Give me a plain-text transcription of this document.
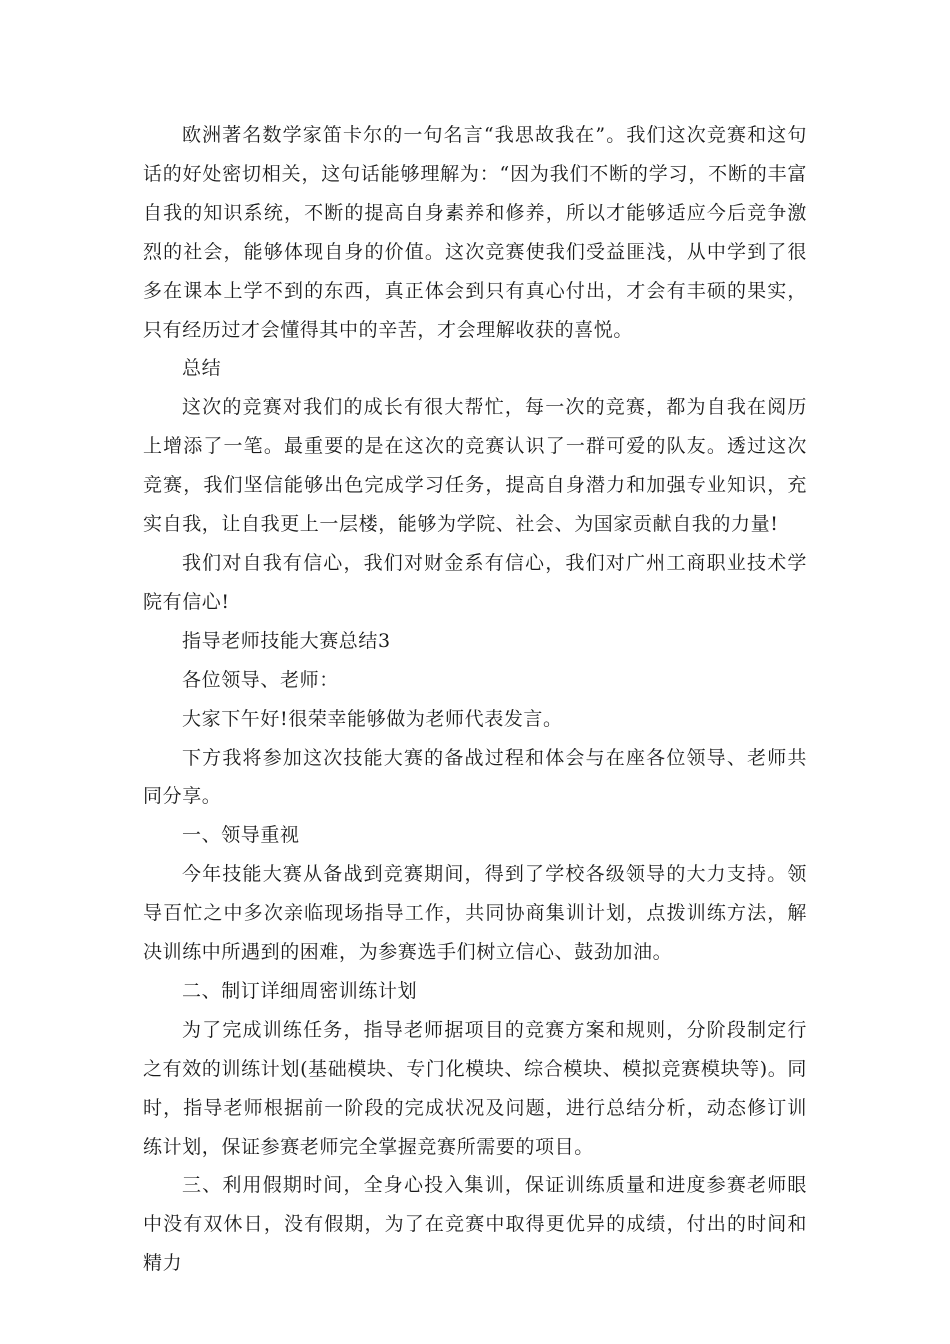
欧洲著名数学家笛卡尔的一句名言“我思故我在”。我们这次竞赛和这句话的好处密切相关，这句话能够理解为：“因为我们不断的学习，不断的丰富自我的知识系统，不断的提高自身素养和修养，所以才能够适应今后竞争激烈的社会，能够体现自身的价值。这次竞赛使我们受益匪浅，从中学到了很多在课本上学不到的东西，真正体会到只有真心付出，才会有丰硕的果实，只有经历过才会懂得其中的辛苦，才会理解收获的喜悦。

总结

这次的竞赛对我们的成长有很大帮忙，每一次的竞赛，都为自我在阅历上增添了一笔。最重要的是在这次的竞赛认识了一群可爱的队友。透过这次竞赛，我们坚信能够出色完成学习任务，提高自身潜力和加强专业知识，充实自我，让自我更上一层楼，能够为学院、社会、为国家贡献自我的力量!

我们对自我有信心，我们对财金系有信心，我们对广州工商职业技术学院有信心!

指导老师技能大赛总结3

各位领导、老师：

大家下午好!很荣幸能够做为老师代表发言。

下方我将参加这次技能大赛的备战过程和体会与在座各位领导、老师共同分享。

一、领导重视

今年技能大赛从备战到竞赛期间，得到了学校各级领导的大力支持。领导百忙之中多次亲临现场指导工作，共同协商集训计划，点拨训练方法，解决训练中所遇到的困难，为参赛选手们树立信心、鼓劲加油。

二、制订详细周密训练计划

为了完成训练任务，指导老师据项目的竞赛方案和规则，分阶段制定行之有效的训练计划(基础模块、专门化模块、综合模块、模拟竞赛模块等)。同时，指导老师根据前一阶段的完成状况及问题，进行总结分析，动态修订训练计划，保证参赛老师完全掌握竞赛所需要的项目。

三、利用假期时间，全身心投入集训，保证训练质量和进度参赛老师眼中没有双休日，没有假期，为了在竞赛中取得更优异的成绩，付出的时间和精力
